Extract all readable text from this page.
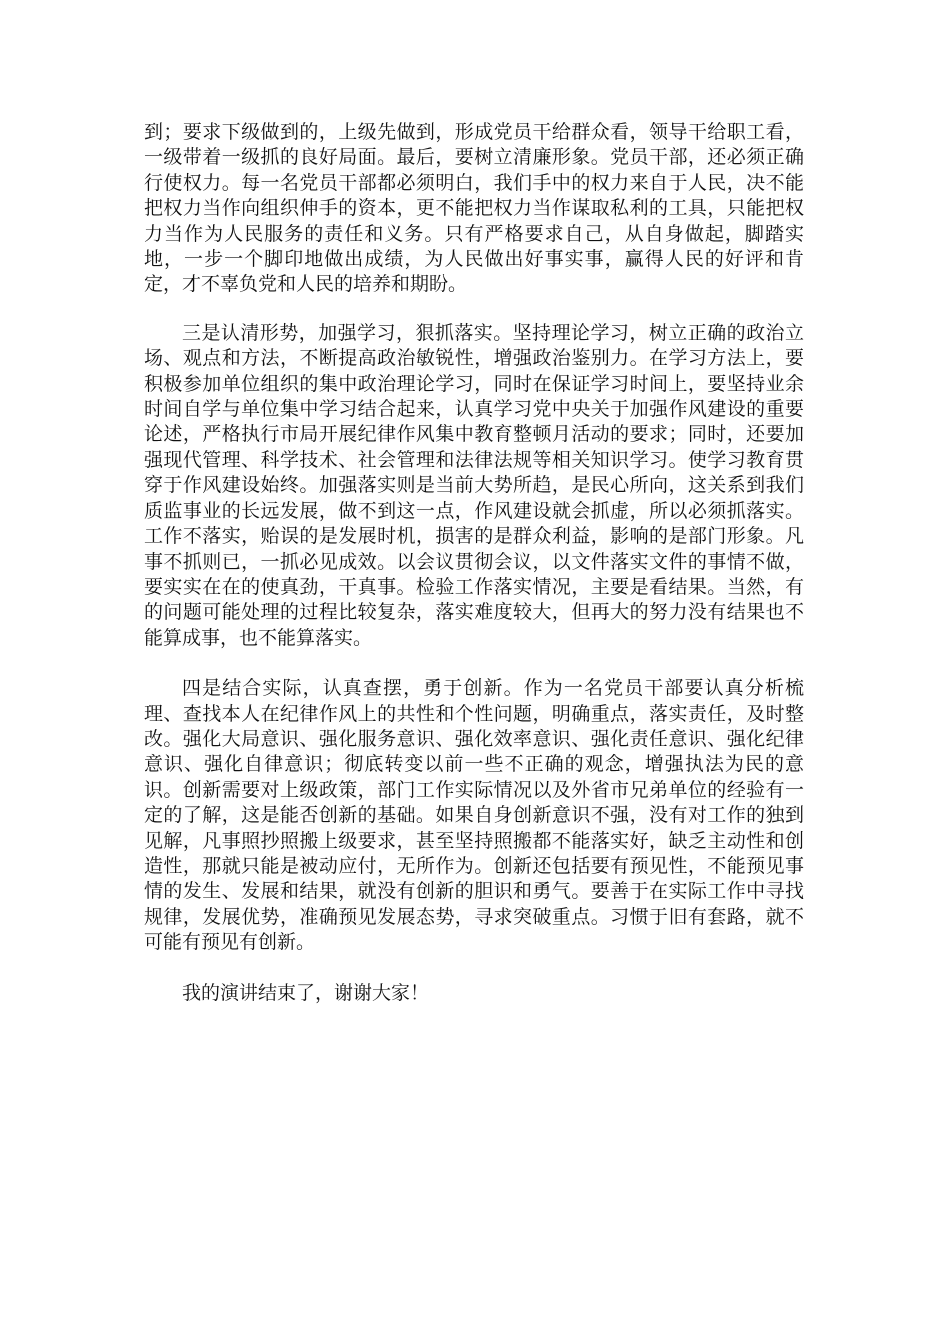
到；要求下级做到的，上级先做到，形成党员干给群众看，领导干给职工看，一级带着一级抓的良好局面。最后，要树立清廉形象。党员干部，还必须正确行使权力。每一名党员干部都必须明白，我们手中的权力来自于人民，决不能把权力当作向组织伸手的资本，更不能把权力当作谋取私利的工具，只能把权力当作为人民服务的责任和义务。只有严格要求自己，从自身做起，脚踏实地，一步一个脚印地做出成绩，为人民做出好事实事，赢得人民的好评和肯定，才不辜负党和人民的培养和期盼。

三是认清形势，加强学习，狠抓落实。坚持理论学习，树立正确的政治立场、观点和方法，不断提高政治敏锐性，增强政治鉴别力。在学习方法上，要积极参加单位组织的集中政治理论学习，同时在保证学习时间上，要坚持业余时间自学与单位集中学习结合起来，认真学习党中央关于加强作风建设的重要论述，严格执行市局开展纪律作风集中教育整顿月活动的要求；同时，还要加强现代管理、科学技术、社会管理和法律法规等相关知识学习。使学习教育贯穿于作风建设始终。加强落实则是当前大势所趋，是民心所向，这关系到我们质监事业的长远发展，做不到这一点，作风建设就会抓虚，所以必须抓落实。工作不落实，贻误的是发展时机，损害的是群众利益，影响的是部门形象。凡事不抓则已，一抓必见成效。以会议贯彻会议，以文件落实文件的事情不做，要实实在在的使真劲，干真事。检验工作落实情况，主要是看结果。当然，有的问题可能处理的过程比较复杂，落实难度较大，但再大的努力没有结果也不能算成事，也不能算落实。

四是结合实际，认真查摆，勇于创新。作为一名党员干部要认真分析梳理、查找本人在纪律作风上的共性和个性问题，明确重点，落实责任，及时整改。强化大局意识、强化服务意识、强化效率意识、强化责任意识、强化纪律意识、强化自律意识；彻底转变以前一些不正确的观念，增强执法为民的意识。创新需要对上级政策，部门工作实际情况以及外省市兄弟单位的经验有一定的了解，这是能否创新的基础。如果自身创新意识不强，没有对工作的独到见解，凡事照抄照搬上级要求，甚至坚持照搬都不能落实好，缺乏主动性和创造性，那就只能是被动应付，无所作为。创新还包括要有预见性，不能预见事情的发生、发展和结果，就没有创新的胆识和勇气。要善于在实际工作中寻找规律，发展优势，准确预见发展态势，寻求突破重点。习惯于旧有套路，就不可能有预见有创新。

我的演讲结束了，谢谢大家！
